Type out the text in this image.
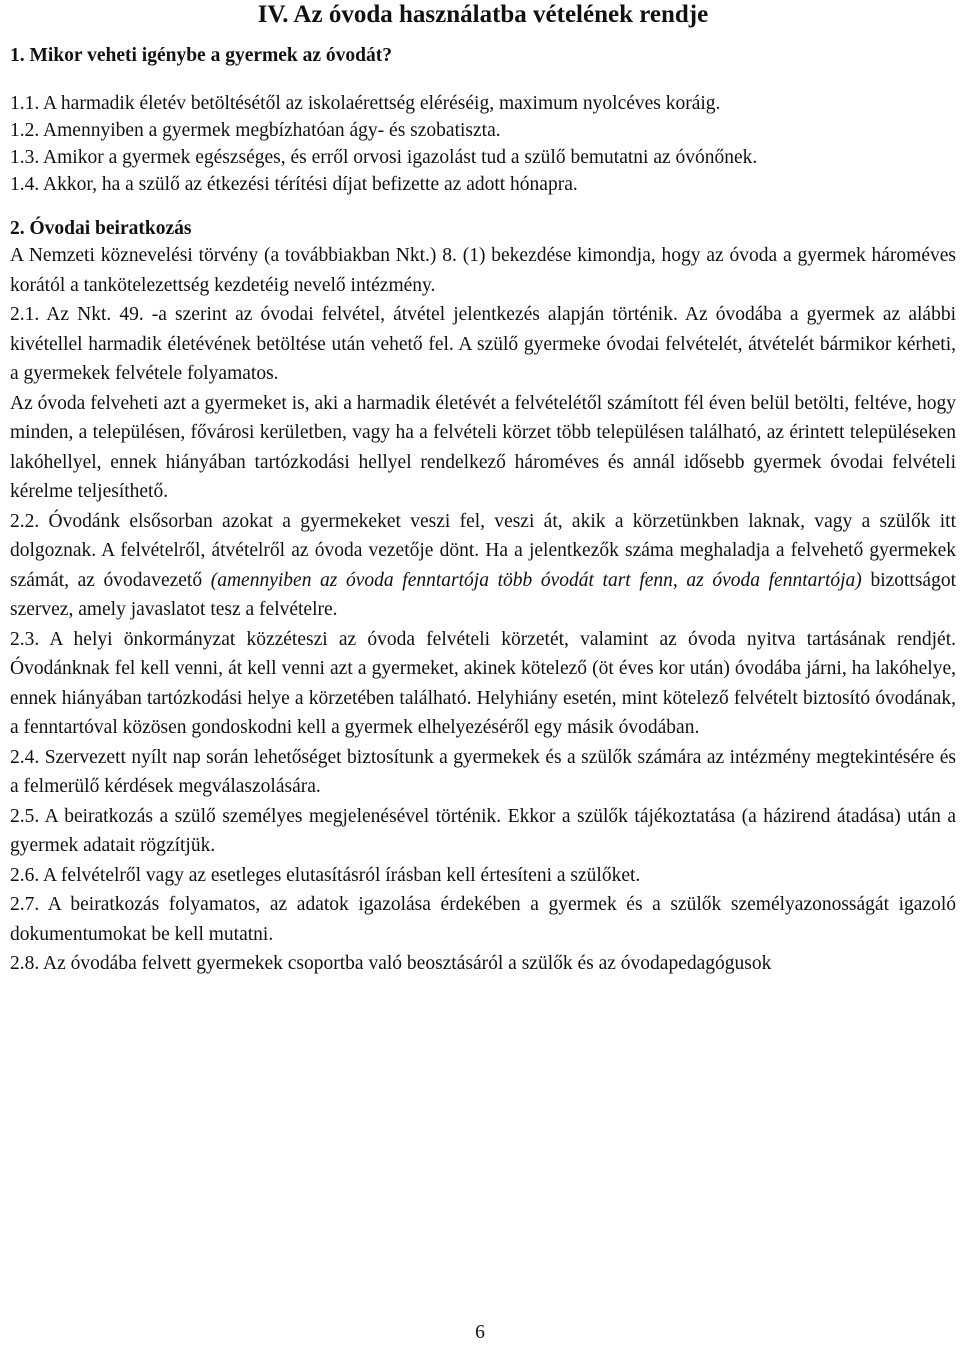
IV. Az óvoda használatba vételének rendje
1. Mikor veheti igénybe a gyermek az óvodát?
1.1. A harmadik életév betöltésétől az iskolaérettség eléréséig, maximum nyolcéves koráig.
1.2. Amennyiben a gyermek megbízhatóan ágy- és szobatiszta.
1.3. Amikor a gyermek egészséges, és erről orvosi igazolást tud a szülő bemutatni az óvónőnek.
1.4. Akkor, ha a szülő az étkezési térítési díjat befizette az adott hónapra.
2. Óvodai beiratkozás

A Nemzeti köznevelési törvény (a továbbiakban Nkt.) 8. (1) bekezdése kimondja, hogy az óvoda a gyermek hároméves korától a tankötelezettség kezdetéig nevelő intézmény.

2.1. Az Nkt. 49. -a szerint az óvodai felvétel, átvétel jelentkezés alapján történik. Az óvodába a gyermek az alábbi kivétellel harmadik életévének betöltése után vehető fel. A szülő gyermeke óvodai felvételét, átvételét bármikor kérheti, a gyermekek felvétele folyamatos.

Az óvoda felveheti azt a gyermeket is, aki a harmadik életévét a felvételétől számított fél éven belül betölti, feltéve, hogy minden, a településen, fővárosi kerületben, vagy ha a felvételi körzet több településen található, az érintett településeken lakóhellyel, ennek hiányában tartózkodási hellyel rendelkező hároméves és annál idősebb gyermek óvodai felvételi kérelme teljesíthető.

2.2. Óvodánk elsősorban azokat a gyermekeket veszi fel, veszi át, akik a körzetünkben laknak, vagy a szülők itt dolgoznak. A felvételről, átvételről az óvoda vezetője dönt. Ha a jelentkezők száma meghaladja a felvehető gyermekek számát, az óvodavezető (amennyiben az óvoda fenntartója több óvodát tart fenn, az óvoda fenntartója) bizottságot szervez, amely javaslatot tesz a felvételre.

2.3. A helyi önkormányzat közzéteszi az óvoda felvételi körzetét, valamint az óvoda nyitva tartásának rendjét. Óvodánknak fel kell venni, át kell venni azt a gyermeket, akinek kötelező (öt éves kor után) óvodába járni, ha lakóhelye, ennek hiányában tartózkodási helye a körzetében található. Helyhiány esetén, mint kötelező felvételt biztosító óvodának, a fenntartóval közösen gondoskodni kell a gyermek elhelyezéséről egy másik óvodában.

2.4. Szervezett nyílt nap során lehetőséget biztosítunk a gyermekek és a szülők számára az intézmény megtekintésére és a felmerülő kérdések megválaszolására.

2.5. A beiratkozás a szülő személyes megjelenésével történik. Ekkor a szülők tájékoztatása (a házirend átadása) után a gyermek adatait rögzítjük.

2.6. A felvételről vagy az esetleges elutasításról írásban kell értesíteni a szülőket.

2.7. A beiratkozás folyamatos, az adatok igazolása érdekében a gyermek és a szülők személyazonosságát igazoló dokumentumokat be kell mutatni.

2.8. Az óvodába felvett gyermekek csoportba való beosztásáról a szülők és az óvodapedagógusok

6
